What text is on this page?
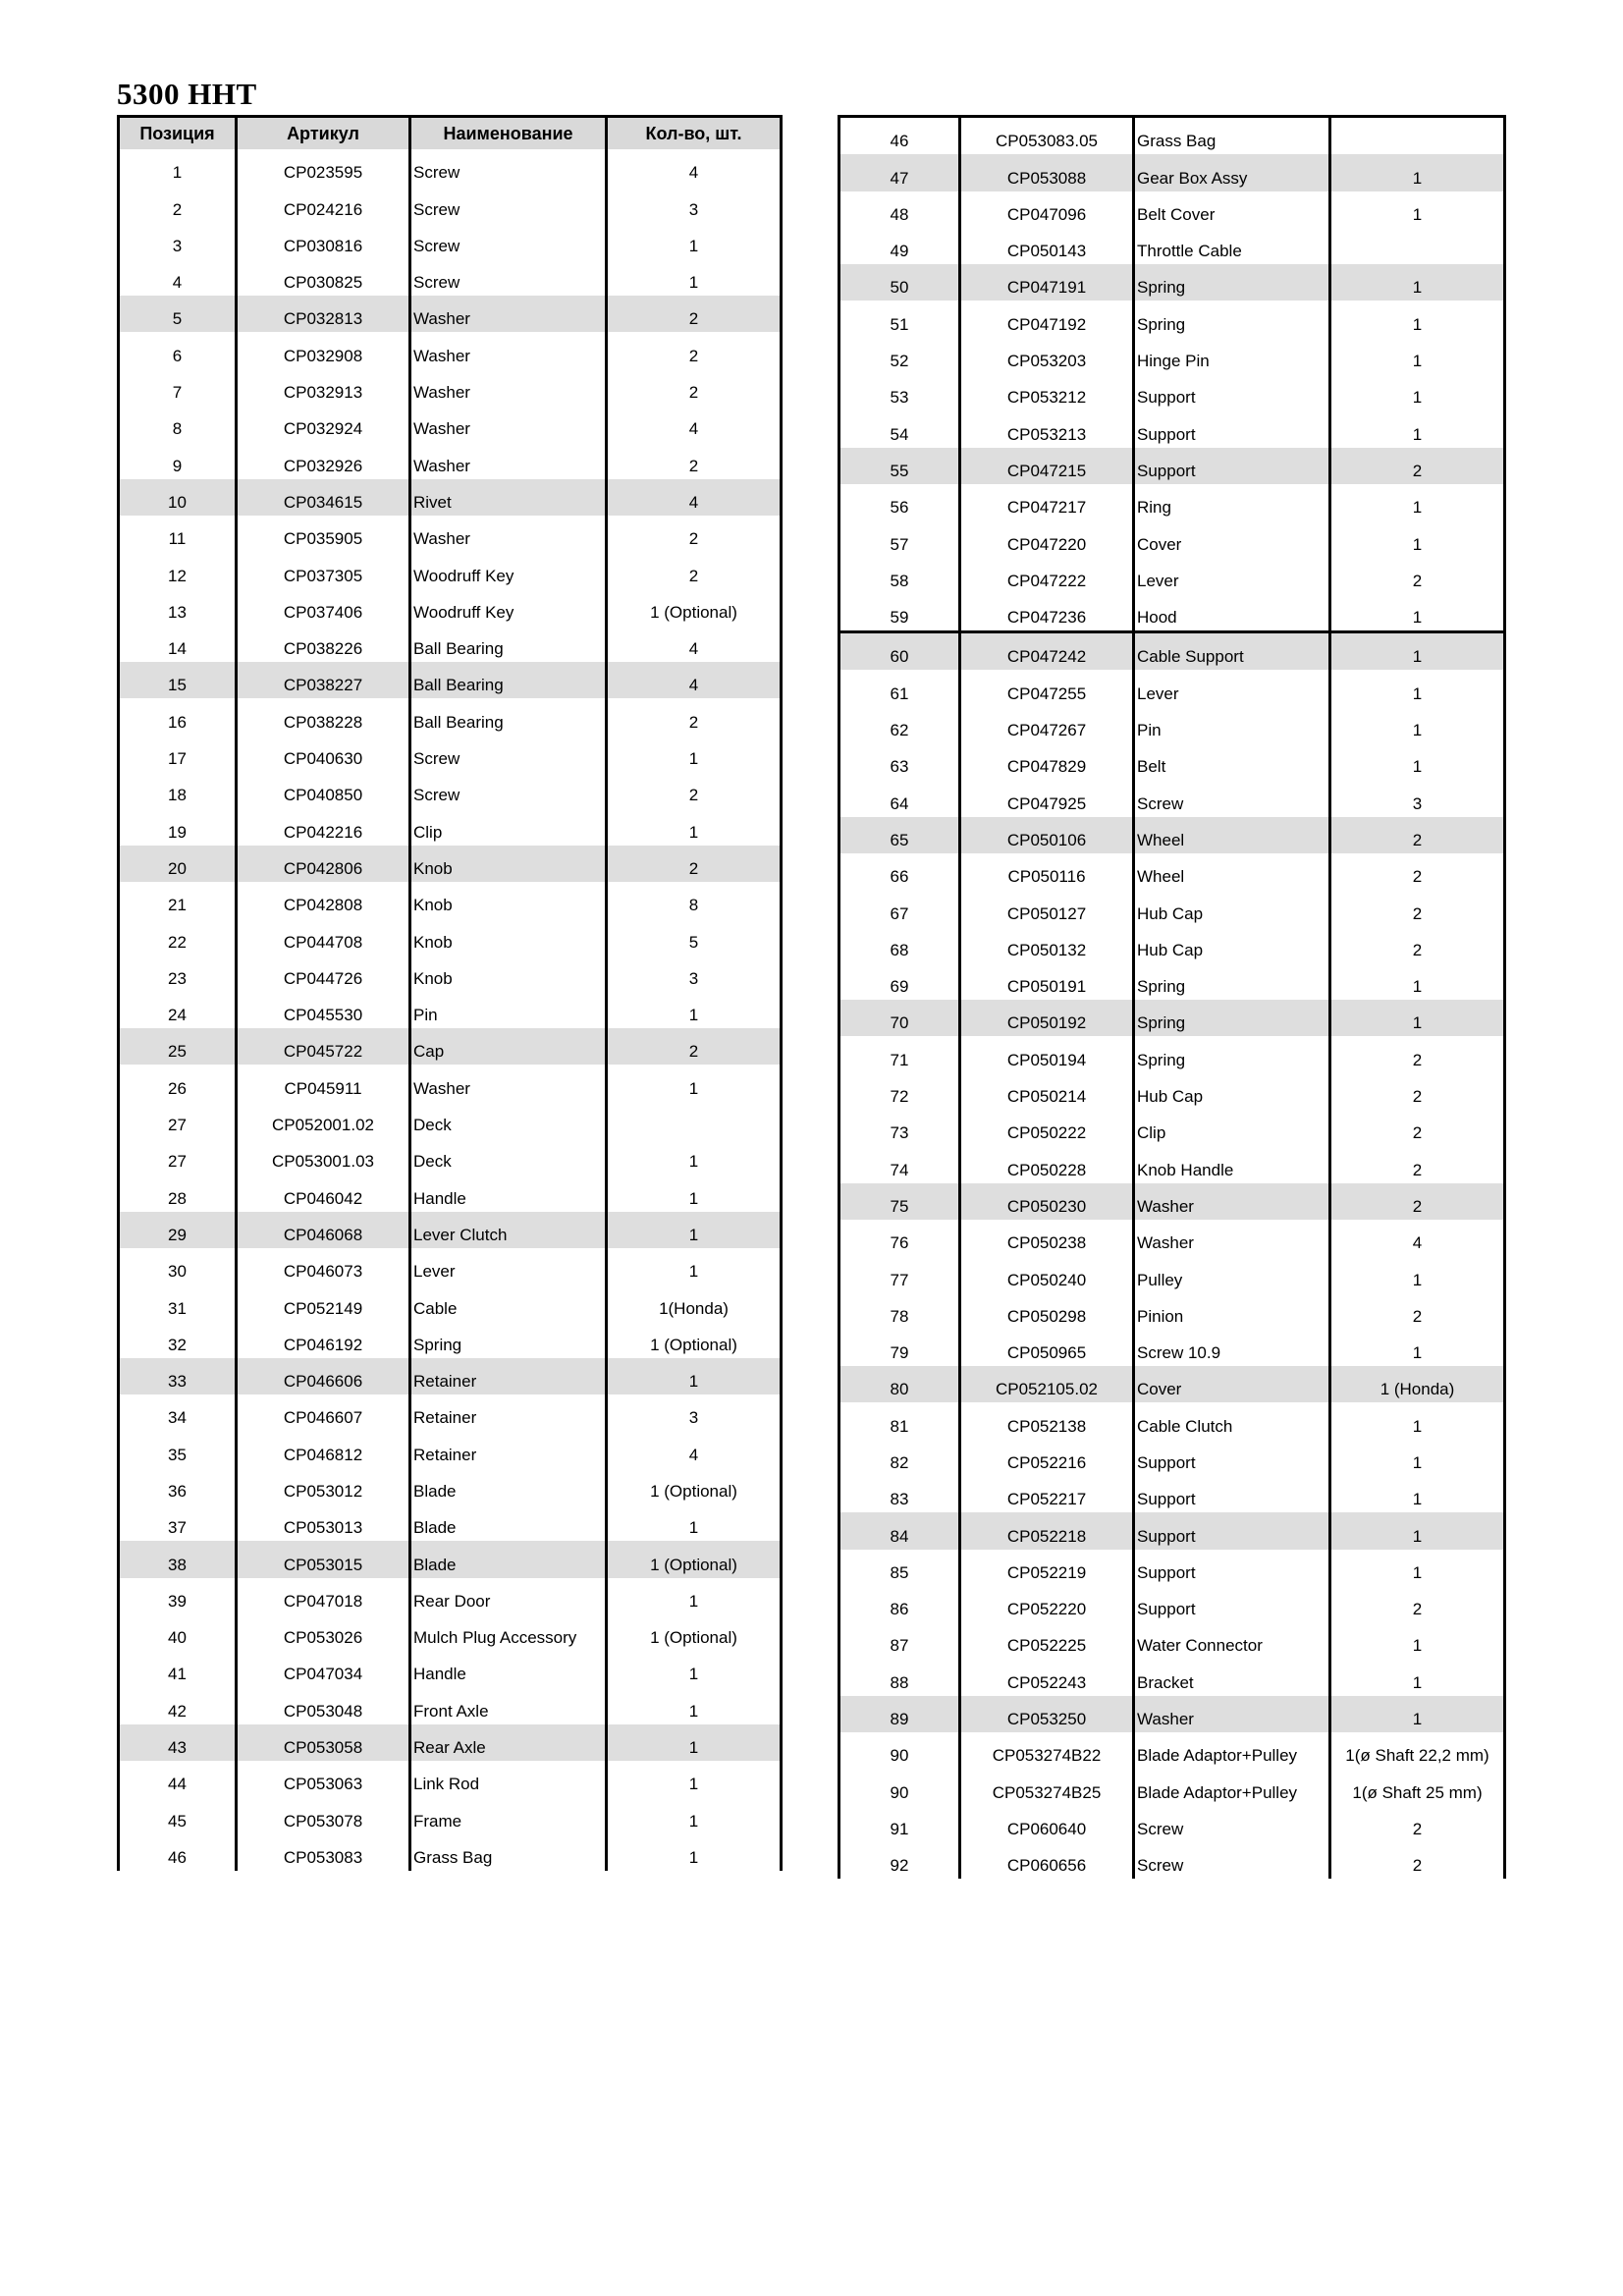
5300 HHT
Позиция	Артикул	Наименование	Кол-во, шт.
1	CP023595	Screw	4
2	CP024216	Screw	3
3	CP030816	Screw	1
4	CP030825	Screw	1
5	CP032813	Washer	2
6	CP032908	Washer	2
7	CP032913	Washer	2
8	CP032924	Washer	4
9	CP032926	Washer	2
10	CP034615	Rivet	4
11	CP035905	Washer	2
12	CP037305	Woodruff Key	2
13	CP037406	Woodruff Key	1 (Optional)
14	CP038226	Ball Bearing	4
15	CP038227	Ball Bearing	4
16	CP038228	Ball Bearing	2
17	CP040630	Screw	1
18	CP040850	Screw	2
19	CP042216	Clip	1
20	CP042806	Knob	2
21	CP042808	Knob	8
22	CP044708	Knob	5
23	CP044726	Knob	3
24	CP045530	Pin	1
25	CP045722	Cap	2
26	CP045911	Washer	1
27	CP052001.02	Deck	
27	CP053001.03	Deck	1
28	CP046042	Handle	1
29	CP046068	Lever Clutch	1
30	CP046073	Lever	1
31	CP052149	Cable	1(Honda)
32	CP046192	Spring	1 (Optional)
33	CP046606	Retainer	1
34	CP046607	Retainer	3
35	CP046812	Retainer	4
36	CP053012	Blade	1 (Optional)
37	CP053013	Blade	1
38	CP053015	Blade	1 (Optional)
39	CP047018	Rear Door	1
40	CP053026	Mulch Plug Accessory	1 (Optional)
41	CP047034	Handle	1
42	CP053048	Front Axle	1
43	CP053058	Rear Axle	1
44	CP053063	Link Rod	1
45	CP053078	Frame	1
46	CP053083	Grass Bag	1
46	CP053083.05	Grass Bag	
47	CP053088	Gear Box Assy	1
48	CP047096	Belt Cover	1
49	CP050143	Throttle Cable	
50	CP047191	Spring	1
51	CP047192	Spring	1
52	CP053203	Hinge Pin	1
53	CP053212	Support	1
54	CP053213	Support	1
55	CP047215	Support	2
56	CP047217	Ring	1
57	CP047220	Cover	1
58	CP047222	Lever	2
59	CP047236	Hood	1
60	CP047242	Cable Support	1
61	CP047255	Lever	1
62	CP047267	Pin	1
63	CP047829	Belt	1
64	CP047925	Screw	3
65	CP050106	Wheel	2
66	CP050116	Wheel	2
67	CP050127	Hub Cap	2
68	CP050132	Hub Cap	2
69	CP050191	Spring	1
70	CP050192	Spring	1
71	CP050194	Spring	2
72	CP050214	Hub Cap	2
73	CP050222	Clip	2
74	CP050228	Knob Handle	2
75	CP050230	Washer	2
76	CP050238	Washer	4
77	CP050240	Pulley	1
78	CP050298	Pinion	2
79	CP050965	Screw 10.9	1
80	CP052105.02	Cover	1 (Honda)
81	CP052138	Cable Clutch	1
82	CP052216	Support	1
83	CP052217	Support	1
84	CP052218	Support	1
85	CP052219	Support	1
86	CP052220	Support	2
87	CP052225	Water Connector	1
88	CP052243	Bracket	1
89	CP053250	Washer	1
90	CP053274B22	Blade Adaptor+Pulley	1(ø Shaft 22,2 mm)
90	CP053274B25	Blade Adaptor+Pulley	1(ø Shaft 25 mm)
91	CP060640	Screw	2
92	CP060656	Screw	2
